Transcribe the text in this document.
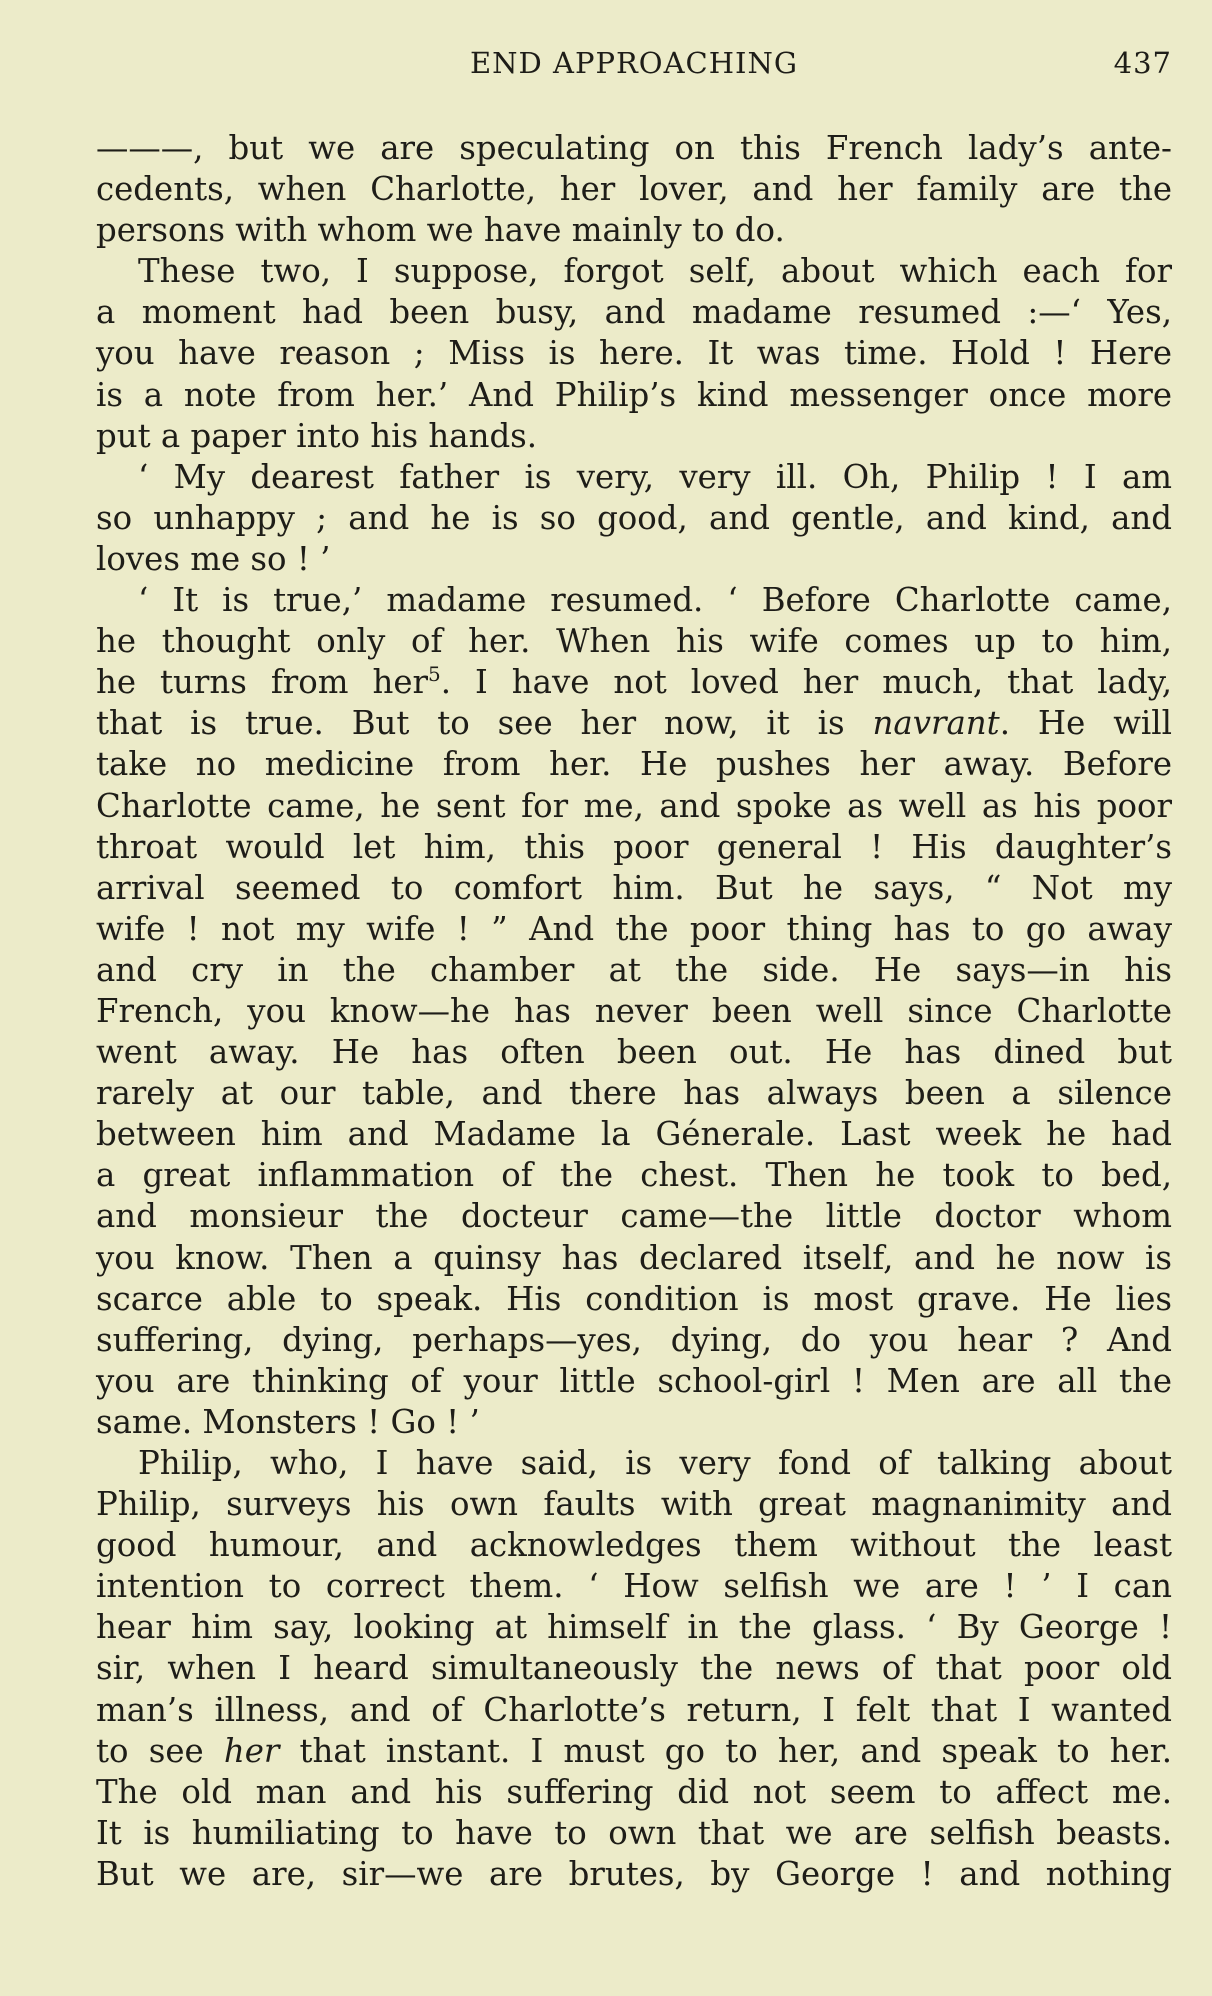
END APPROACHING	437
———, but we are speculating on this French lady’s ante-
cedents, when Charlotte, her lover, and her family are the
persons with whom we have mainly to do.
These two, I suppose, forgot self, about which each for
a moment had been busy, and madame resumed :—‘ Yes,
you have reason ; Miss is here. It was time. Hold ! Here
is a note from her.’ And Philip’s kind messenger once more
put a paper into his hands.
‘ My dearest father is very, very ill. Oh, Philip ! I am
so unhappy ; and he is so good, and gentle, and kind, and
loves me so ! ’
‘ It is true,’ madame resumed. ‘ Before Charlotte came,
he thought only of her. When his wife comes up to him,
he turns from her$^5$. I have not loved her much, that lady,
that is true. But to see her now, it is navrant. He will
take no medicine from her. He pushes her away. Before
Charlotte came, he sent for me, and spoke as well as his poor
throat would let him, this poor general ! His daughter’s
arrival seemed to comfort him. But he says, “ Not my
wife ! not my wife ! ” And the poor thing has to go away
and cry in the chamber at the side. He says—in his
French, you know—he has never been well since Charlotte
went away. He has often been out. He has dined but
rarely at our table, and there has always been a silence
between him and Madame la Génerale. Last week he had
a great inflammation of the chest. Then he took to bed,
and monsieur the docteur came—the little doctor whom
you know. Then a quinsy has declared itself, and he now is
scarce able to speak. His condition is most grave. He lies
suffering, dying, perhaps—yes, dying, do you hear ? And
you are thinking of your little school-girl ! Men are all the
same. Monsters ! Go ! ’
Philip, who, I have said, is very fond of talking about
Philip, surveys his own faults with great magnanimity and
good humour, and acknowledges them without the least
intention to correct them. ‘ How selfish we are ! ’ I can
hear him say, looking at himself in the glass. ‘ By George !
sir, when I heard simultaneously the news of that poor old
man’s illness, and of Charlotte’s return, I felt that I wanted
to see her that instant. I must go to her, and speak to her.
The old man and his suffering did not seem to affect me.
It is humiliating to have to own that we are selfish beasts.
But we are, sir—we are brutes, by George ! and nothing
